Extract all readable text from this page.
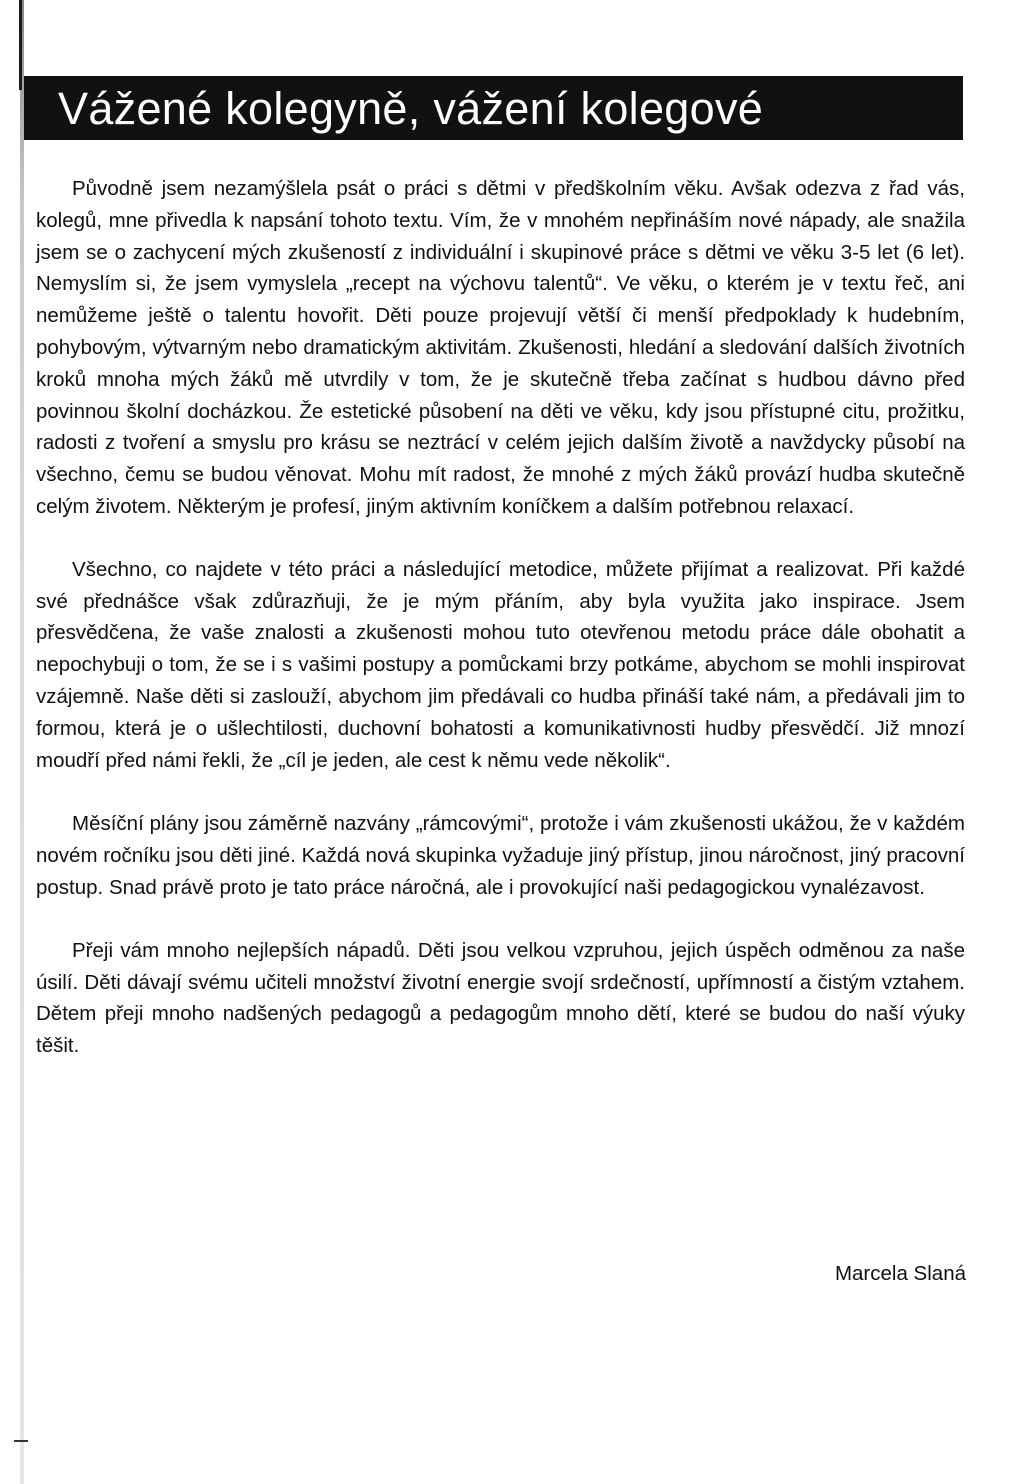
Vážené kolegyně, vážení kolegové

Původně jsem nezamýšlela psát o práci s dětmi v předškolním věku. Avšak odezva z řad vás, kolegů, mne přivedla k napsání tohoto textu. Vím, že v mnohém nepřináším nové nápady, ale snažila jsem se o zachycení mých zkušeností z individuální i skupinové práce s dětmi ve věku 3-5 let (6 let). Nemyslím si, že jsem vymyslela „recept na výchovu talentů“. Ve věku, o kterém je v textu řeč, ani nemůžeme ještě o talentu hovořit. Děti pouze projevují větší či menší předpoklady k hudebním, pohybovým, výtvarným nebo dramatickým aktivitám. Zkušenosti, hledání a sledování dalších životních kroků mnoha mých žáků mě utvrdily v tom, že je skutečně třeba začínat s hudbou dávno před povinnou školní docházkou. Že estetické působení na děti ve věku, kdy jsou přístupné citu, prožitku, radosti z tvoření a smyslu pro krásu se neztrácí v celém jejich dalším životě a navždycky působí na všechno, čemu se budou věnovat. Mohu mít radost, že mnohé z mých žáků provází hudba skutečně celým životem. Některým je profesí, jiným aktivním koníčkem a dalším potřebnou relaxací.

Všechno, co najdete v této práci a následující metodice, můžete přijímat a realizovat. Při každé své přednášce však zdůrazňuji, že je mým přáním, aby byla využita jako inspirace. Jsem přesvědčena, že vaše znalosti a zkušenosti mohou tuto otevřenou metodu práce dále obohatit a nepochybuji o tom, že se i s vašimi postupy a pomůckami brzy potkáme, abychom se mohli inspirovat vzájemně. Naše děti si zaslouží, abychom jim předávali co hudba přináší také nám, a předávali jim to formou, která je o ušlechtilosti, duchovní bohatosti a komunikativnosti hudby přesvědčí. Již mnozí moudří před námi řekli, že „cíl je jeden, ale cest k němu vede několik“.

Měsíční plány jsou záměrně nazvány „rámcovými“, protože i vám zkušenosti ukážou, že v každém novém ročníku jsou děti jiné. Každá nová skupinka vyžaduje jiný přístup, jinou náročnost, jiný pracovní postup. Snad právě proto je tato práce náročná, ale i provokující naši pedagogickou vynalézavost.

Přeji vám mnoho nejlepších nápadů. Děti jsou velkou vzpruhou, jejich úspěch odměnou za naše úsilí. Děti dávají svému učiteli množství životní energie svojí srdečností, upřímností a čistým vztahem. Dětem přeji mnoho nadšených pedagogů a pedagogům mnoho dětí, které se budou do naší výuky těšit.

Marcela Slaná
